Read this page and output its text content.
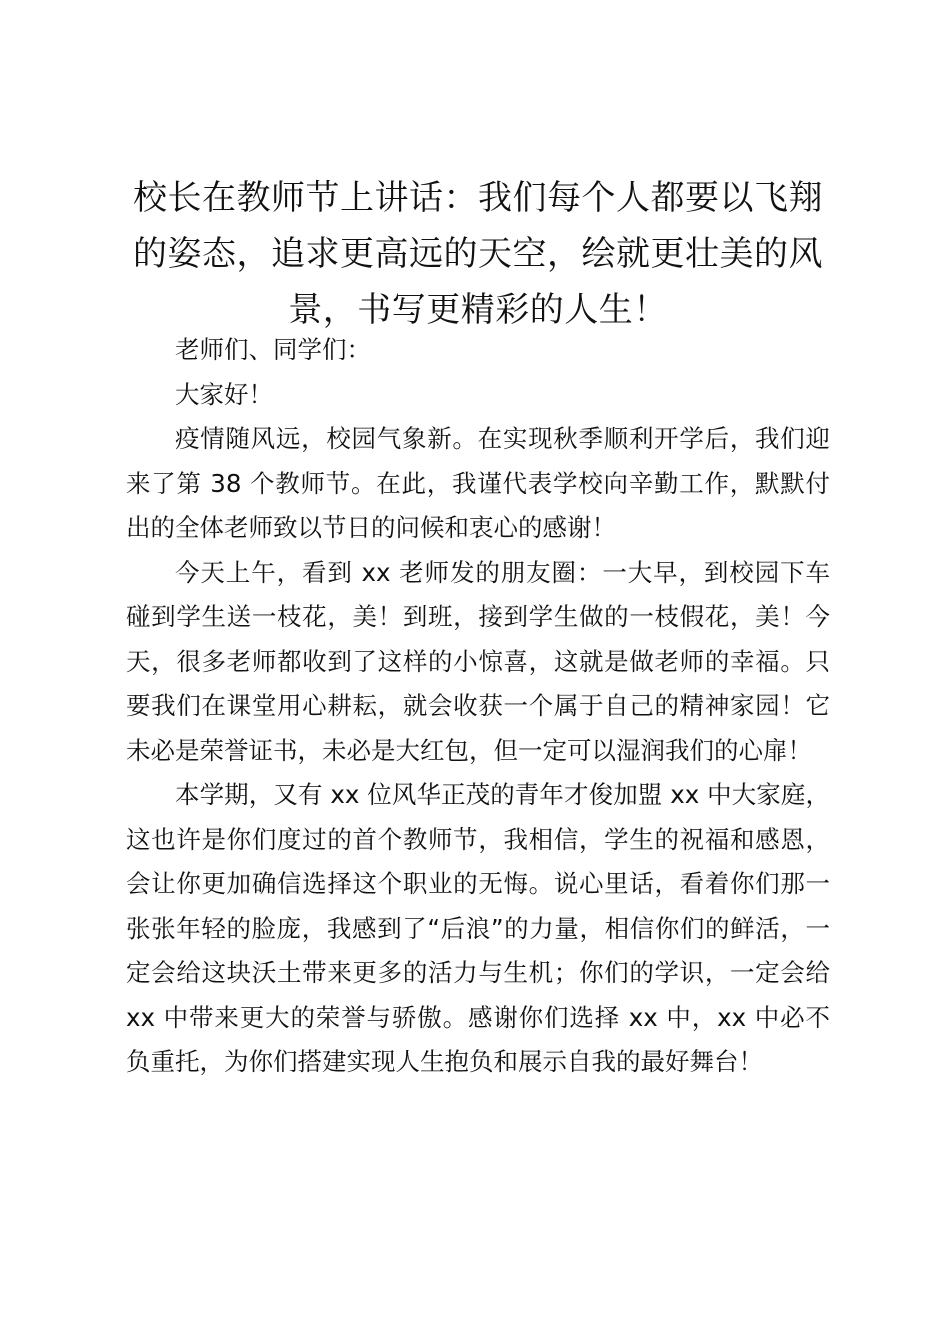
校长在教师节上讲话：我们每个人都要以飞翔的姿态，追求更高远的天空，绘就更壮美的风景，书写更精彩的人生！

老师们、同学们：

大家好！

疫情随风远，校园气象新。在实现秋季顺利开学后，我们迎来了第 38 个教师节。在此，我谨代表学校向辛勤工作，默默付出的全体老师致以节日的问候和衷心的感谢！

今天上午，看到 xx 老师发的朋友圈：一大早，到校园下车碰到学生送一枝花，美！到班，接到学生做的一枝假花，美！今天，很多老师都收到了这样的小惊喜，这就是做老师的幸福。只要我们在课堂用心耕耘，就会收获一个属于自己的精神家园！它未必是荣誉证书，未必是大红包，但一定可以湿润我们的心扉！

本学期，又有 xx 位风华正茂的青年才俊加盟 xx 中大家庭，这也许是你们度过的首个教师节，我相信，学生的祝福和感恩，会让你更加确信选择这个职业的无悔。说心里话，看着你们那一张张年轻的脸庞，我感到了“后浪”的力量，相信你们的鲜活，一定会给这块沃土带来更多的活力与生机；你们的学识，一定会给 xx 中带来更大的荣誉与骄傲。感谢你们选择 xx 中，xx 中必不负重托，为你们搭建实现人生抱负和展示自我的最好舞台！
